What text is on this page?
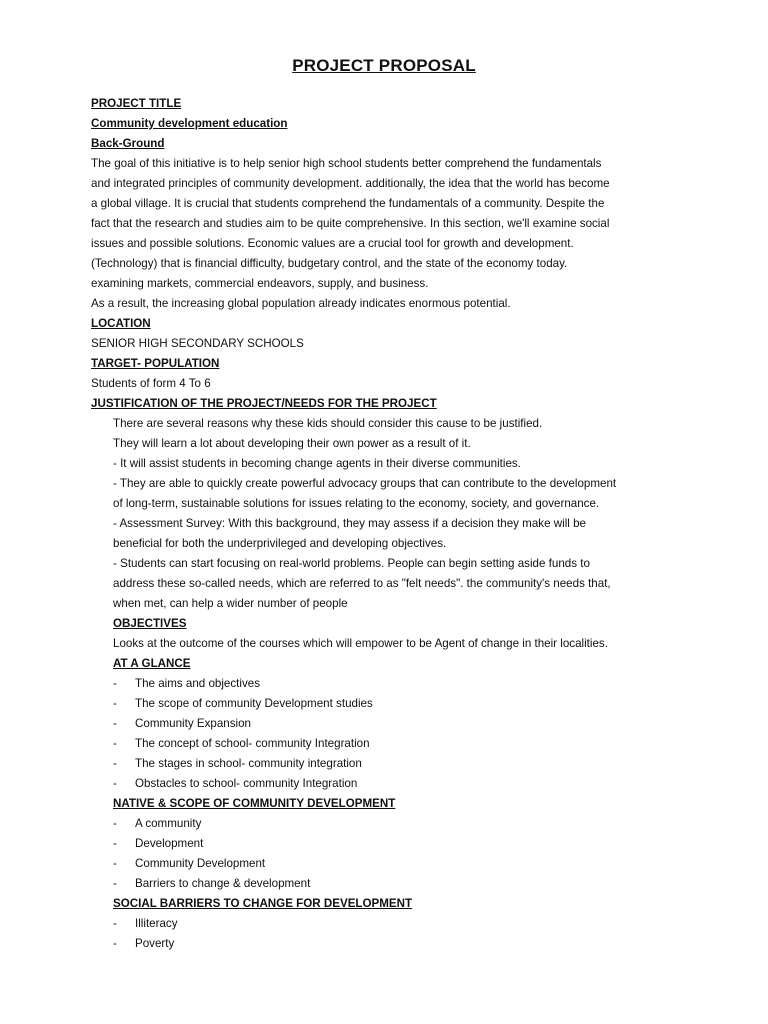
PROJECT PROPOSAL

PROJECT TITLE

Community development education

Back-Ground

The goal of this initiative is to help senior high school students better comprehend the fundamentals

and integrated principles of community development. additionally, the idea that the world has become

a global village. It is crucial that students comprehend the fundamentals of a community. Despite the

fact that the research and studies aim to be quite comprehensive. In this section, we'll examine social

issues and possible solutions. Economic values are a crucial tool for growth and development.

(Technology) that is financial difficulty, budgetary control, and the state of the economy today.

examining markets, commercial endeavors, supply, and business.

As a result, the increasing global population already indicates enormous potential.

LOCATION

SENIOR HIGH SECONDARY SCHOOLS

TARGET- POPULATION

Students of form 4 To 6

JUSTIFICATION OF THE PROJECT/NEEDS FOR THE PROJECT

There are several reasons why these kids should consider this cause to be justified.

They will learn a lot about developing their own power as a result of it.

- It will assist students in becoming change agents in their diverse communities.

- They are able to quickly create powerful advocacy groups that can contribute to the development

of long-term, sustainable solutions for issues relating to the economy, society, and governance.

- Assessment Survey: With this background, they may assess if a decision they make will be

beneficial for both the underprivileged and developing objectives.

- Students can start focusing on real-world problems. People can begin setting aside funds to

address these so-called needs, which are referred to as "felt needs". the community's needs that,

when met, can help a wider number of people

OBJECTIVES

Looks at the outcome of the courses which will empower to be Agent of change in their localities.

AT A GLANCE

-	The aims and objectives
-	The scope of community Development studies
-	Community Expansion
-	The concept of school- community Integration
-	The stages in school- community integration
-	Obstacles to school- community Integration

NATIVE & SCOPE OF COMMUNITY DEVELOPMENT

-	A community
-	Development
-	Community Development
-	Barriers to change & development

SOCIAL BARRIERS TO CHANGE FOR DEVELOPMENT

-	Illiteracy
-	Poverty
